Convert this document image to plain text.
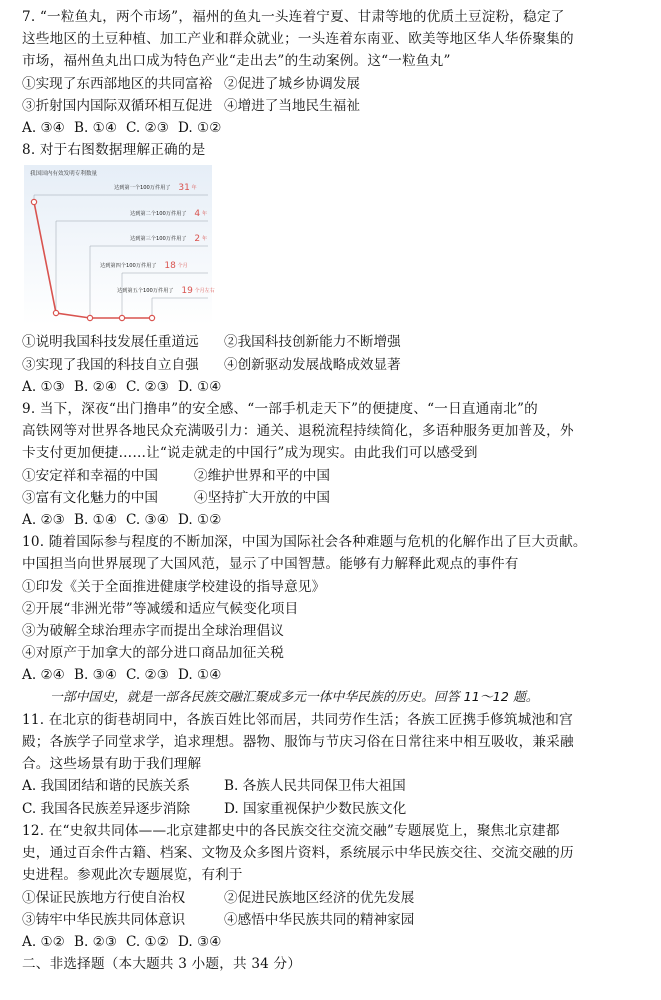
7. “一粒鱼丸，两个市场”，福州的鱼丸一头连着宁夏、甘肃等地的优质土豆淀粉，稳定了
这些地区的土豆种植、加工产业和群众就业；一头连着东南亚、欧美等地区华人华侨聚集的
市场，福州鱼丸出口成为特色产业“走出去”的生动案例。这“一粒鱼丸”
①实现了东西部地区的共同富裕 ②促进了城乡协调发展
③折射国内国际双循环相互促进 ④增进了当地民生福祉
A. ③④ B. ①④ C. ②③ D. ①②
8. 对于右图数据理解正确的是
我国国内有效发明专利数量
达到第一个100万件用了 31 年
达到第二个100万件用了 4 年
达到第三个100万件用了 2 年
达到第四个100万件用了 18 个月
达到第五个100万件用了 19 个月左右
①说明我国科技发展任重道远	②我国科技创新能力不断增强
③实现了我国的科技自立自强	④创新驱动发展战略成效显著
A. ①③ B. ②④ C. ②③ D. ①④
9. 当下，深夜“出门撸串”的安全感、“一部手机走天下”的便捷度、“一日直通南北”的
高铁网等对世界各地民众充满吸引力：通关、退税流程持续简化，多语种服务更加普及，外
卡支付更加便捷……让“说走就走的中国行”成为现实。由此我们可以感受到
①安定祥和幸福的中国	②维护世界和平的中国
③富有文化魅力的中国	④坚持扩大开放的中国
A. ②③ B. ①④ C. ③④ D. ①②
10. 随着国际参与程度的不断加深，中国为国际社会各种难题与危机的化解作出了巨大贡献。
中国担当向世界展现了大国风范，显示了中国智慧。能够有力解释此观点的事件有
①印发《关于全面推进健康学校建设的指导意见》
②开展“非洲光带”等减缓和适应气候变化项目
③为破解全球治理赤字而提出全球治理倡议
④对原产于加拿大的部分进口商品加征关税
A. ②④ B. ③④ C. ②③ D. ①④
一部中国史，就是一部各民族交融汇聚成多元一体中华民族的历史。回答 11～12 题。
11. 在北京的街巷胡同中，各族百姓比邻而居，共同劳作生活；各族工匠携手修筑城池和宫
殿；各族学子同堂求学，追求理想。器物、服饰与节庆习俗在日常往来中相互吸收，兼采融
合。这些场景有助于我们理解
A. 我国团结和谐的民族关系	B. 各族人民共同保卫伟大祖国
C. 我国各民族差异逐步消除	D. 国家重视保护少数民族文化
12. 在“史叙共同体——北京建都史中的各民族交往交流交融”专题展览上，聚焦北京建都
史，通过百余件古籍、档案、文物及众多图片资料，系统展示中华民族交往、交流交融的历
史进程。参观此次专题展览，有利于
①保证民族地方行使自治权	②促进民族地区经济的优先发展
③铸牢中华民族共同体意识	④感悟中华民族共同的精神家园
A. ①② B. ②③ C. ①② D. ③④
二、非选择题（本大题共 3 小题，共 34 分）
